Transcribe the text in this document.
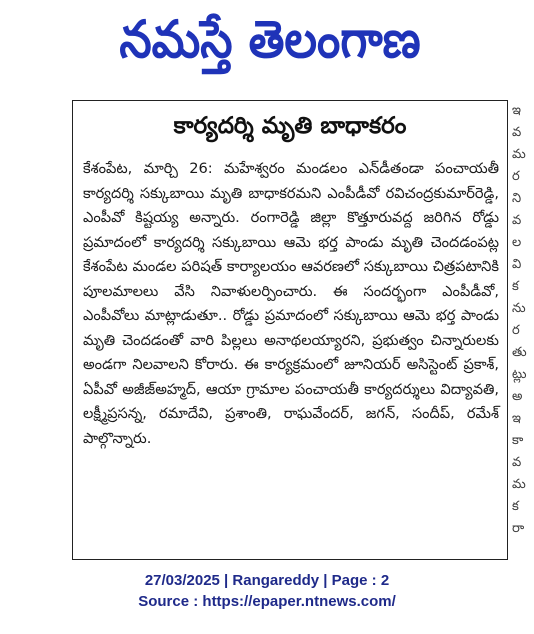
నమస్తే తెలంగాణ
కార్యదర్శి మృతి బాధాకరం

కేశంపేట, మార్చి 26: మహేశ్వరం మండలం ఎన్‌డీతండా పంచాయతీ కార్యదర్శి సక్కుబాయి మృతి బాధాకరమని ఎంపీడీవో రవిచంద్రకుమార్‌రెడ్డి, ఎంపీవో కిష్టయ్య అన్నారు. రంగారెడ్డి జిల్లా కొత్తూరువద్ద జరిగిన రోడ్డు ప్రమాదంలో కార్యదర్శి సక్కుబాయి ఆమె భర్త పాండు మృతి చెందడంపట్ల కేశంపేట మండల పరిషత్ కార్యాలయం ఆవరణలో సక్కుబాయి చిత్రపటానికి పూలమాలలు వేసి నివాళులర్పించారు. ఈ సందర్భంగా ఎంపీడీవో, ఎంపీవోలు మాట్లాడుతూ.. రోడ్డు ప్రమాదంలో సక్కుబాయి ఆమె భర్త పాండు మృతి చెందడంతో వారి పిల్లలు అనాథలయ్యారని, ప్రభుత్వం చిన్నారులకు అండగా నిలవాలని కోరారు. ఈ కార్యక్రమంలో జూనియర్ అసిస్టెంట్ ప్రకాశ్, ఏపీవో అజీజ్‌అహ్మద్, ఆయా గ్రామాల పంచాయతీ కార్యదర్శులు విద్యావతి, లక్ష్మీప్రసన్న, రమాదేవి, ప్రశాంతి, రాఘవేందర్, జగన్, సందీప్, రమేశ్ పాల్గొన్నారు.

ఇ
వ
మ
ర
ని
వ
ల
వి
క
ను
ర
తు
ట్లు
అ
ఇ
కా
వ
మ
క
రా
27/03/2025 | Rangareddy | Page : 2
Source : https://epaper.ntnews.com/
